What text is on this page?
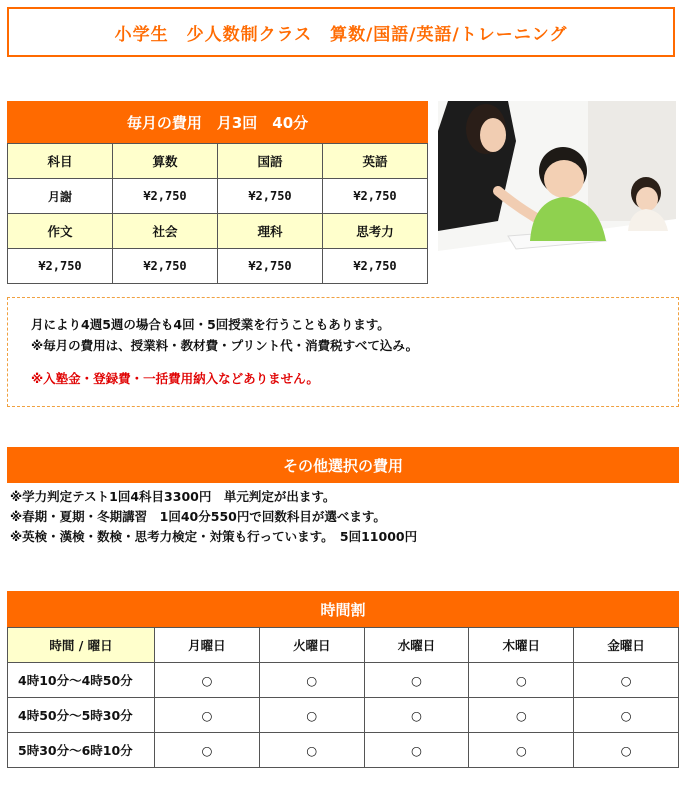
小学生　少人数制クラス　算数/国語/英語/トレーニング
毎月の費用　月3回　40分
科目	算数	国語	英語
月謝	¥2,750	¥2,750	¥2,750
作文	社会	理科	思考力
¥2,750	¥2,750	¥2,750	¥2,750
月により4週5週の場合も4回・5回授業を行うこともあります。
※毎月の費用は、授業料・教材費・プリント代・消費税すべて込み。
※入塾金・登録費・一括費用納入などありません。
その他選択の費用
※学力判定テスト1回4科目3300円　単元判定が出ます。
※春期・夏期・冬期講習　1回40分550円で回数科目が選べます。
※英検・漢検・数検・思考力検定・対策も行っています。　5回11000円
時間割
時間 / 曜日	月曜日	火曜日	水曜日	木曜日	金曜日
4時10分～4時50分	○	○	○	○	○
4時50分～5時30分	○	○	○	○	○
5時30分～6時10分	○	○	○	○	○
